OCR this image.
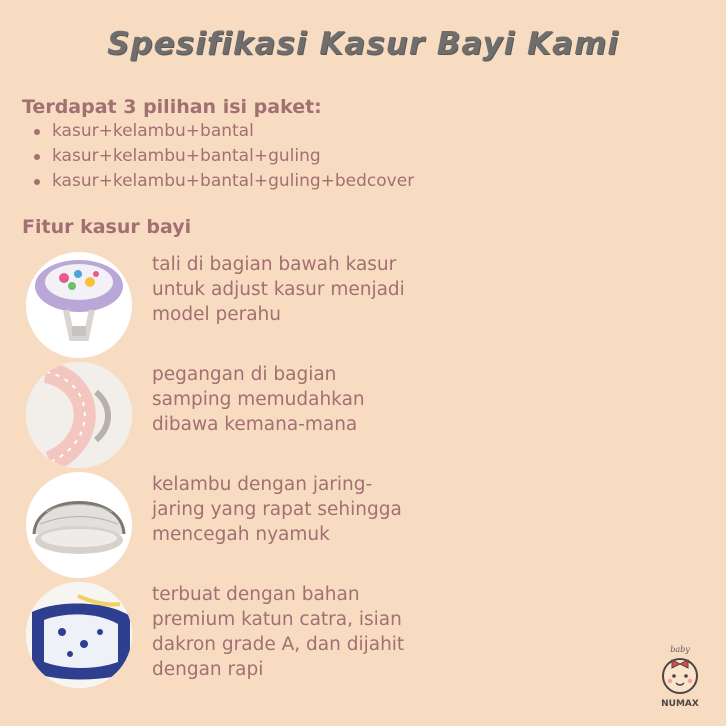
Spesifikasi Kasur Bayi Kami
Terdapat 3 pilihan isi paket:
kasur+kelambu+bantal
kasur+kelambu+bantal+guling
kasur+kelambu+bantal+guling+bedcover
Fitur kasur bayi
tali di bagian bawah kasur
untuk adjust kasur menjadi
model perahu
pegangan di bagian
samping memudahkan
dibawa kemana-mana
kelambu dengan jaring-
jaring yang rapat sehingga
mencegah nyamuk
terbuat dengan bahan
premium katun catra, isian
dakron grade A, dan dijahit
dengan rapi
baby
NUMAX
